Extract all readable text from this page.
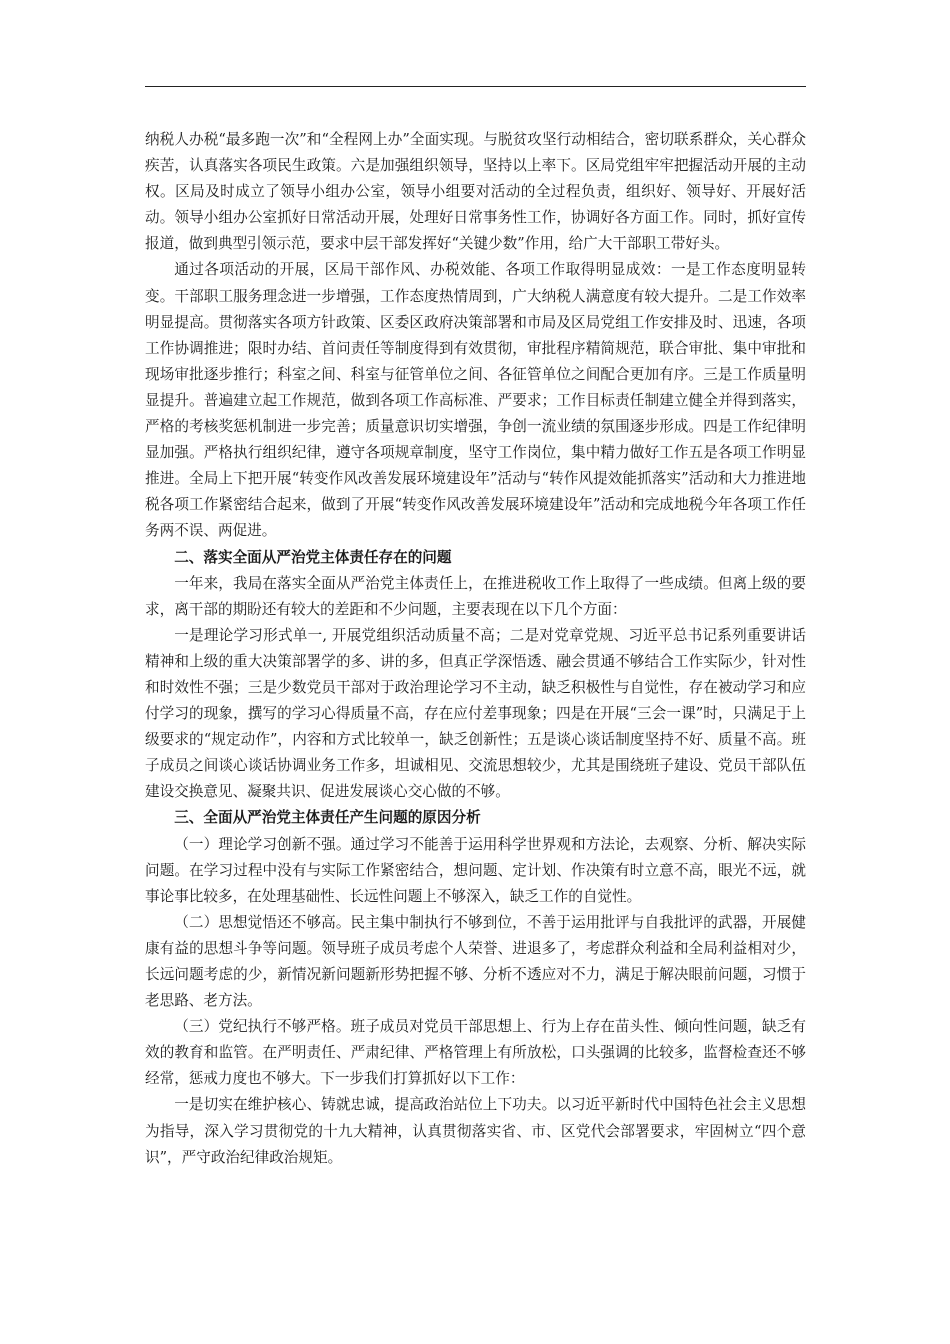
纳税人办税“最多跑一次”和“全程网上办”全面实现。与脱贫攻坚行动相结合，密切联系群众，关心群众疾苦，认真落实各项民生政策。六是加强组织领导，坚持以上率下。区局党组牢牢把握活动开展的主动权。区局及时成立了领导小组办公室，领导小组要对活动的全过程负责，组织好、领导好、开展好活动。领导小组办公室抓好日常活动开展，处理好日常事务性工作，协调好各方面工作。同时，抓好宣传报道，做到典型引领示范，要求中层干部发挥好“关键少数”作用，给广大干部职工带好头。

通过各项活动的开展，区局干部作风、办税效能、各项工作取得明显成效：一是工作态度明显转变。干部职工服务理念进一步增强，工作态度热情周到，广大纳税人满意度有较大提升。二是工作效率明显提高。贯彻落实各项方针政策、区委区政府决策部署和市局及区局党组工作安排及时、迅速，各项工作协调推进；限时办结、首问责任等制度得到有效贯彻，审批程序精简规范，联合审批、集中审批和现场审批逐步推行；科室之间、科室与征管单位之间、各征管单位之间配合更加有序。三是工作质量明显提升。普遍建立起工作规范，做到各项工作高标准、严要求；工作目标责任制建立健全并得到落实，严格的考核奖惩机制进一步完善；质量意识切实增强，争创一流业绩的氛围逐步形成。四是工作纪律明显加强。严格执行组织纪律，遵守各项规章制度，坚守工作岗位，集中精力做好工作五是各项工作明显推进。全局上下把开展“转变作风改善发展环境建设年”活动与“转作风提效能抓落实”活动和大力推进地税各项工作紧密结合起来，做到了开展“转变作风改善发展环境建设年”活动和完成地税今年各项工作任务两不误、两促进。

二、落实全面从严治党主体责任存在的问题

一年来，我局在落实全面从严治党主体责任上，在推进税收工作上取得了一些成绩。但离上级的要求，离干部的期盼还有较大的差距和不少问题，主要表现在以下几个方面：

一是理论学习形式单一, 开展党组织活动质量不高；二是对党章党规、习近平总书记系列重要讲话精神和上级的重大决策部署学的多、讲的多，但真正学深悟透、融会贯通不够结合工作实际少，针对性和时效性不强；三是少数党员干部对于政治理论学习不主动，缺乏积极性与自觉性，存在被动学习和应付学习的现象，撰写的学习心得质量不高，存在应付差事现象；四是在开展“三会一课”时，只满足于上级要求的“规定动作”，内容和方式比较单一，缺乏创新性；五是谈心谈话制度坚持不好、质量不高。班子成员之间谈心谈话协调业务工作多，坦诚相见、交流思想较少，尤其是围绕班子建设、党员干部队伍建设交换意见、凝聚共识、促进发展谈心交心做的不够。

三、全面从严治党主体责任产生问题的原因分析

（一）理论学习创新不强。通过学习不能善于运用科学世界观和方法论，去观察、分析、解决实际问题。在学习过程中没有与实际工作紧密结合，想问题、定计划、作决策有时立意不高，眼光不远，就事论事比较多，在处理基础性、长远性问题上不够深入，缺乏工作的自觉性。

（二）思想觉悟还不够高。民主集中制执行不够到位，不善于运用批评与自我批评的武器，开展健康有益的思想斗争等问题。领导班子成员考虑个人荣誉、进退多了，考虑群众利益和全局利益相对少，长远问题考虑的少，新情况新问题新形势把握不够、分析不透应对不力，满足于解决眼前问题，习惯于老思路、老方法。

（三）党纪执行不够严格。班子成员对党员干部思想上、行为上存在苗头性、倾向性问题，缺乏有效的教育和监管。在严明责任、严肃纪律、严格管理上有所放松，口头强调的比较多，监督检查还不够经常，惩戒力度也不够大。下一步我们打算抓好以下工作：

一是切实在维护核心、铸就忠诚，提高政治站位上下功夫。以习近平新时代中国特色社会主义思想为指导，深入学习贯彻党的十九大精神，认真贯彻落实省、市、区党代会部署要求，牢固树立“四个意识”，严守政治纪律政治规矩。
